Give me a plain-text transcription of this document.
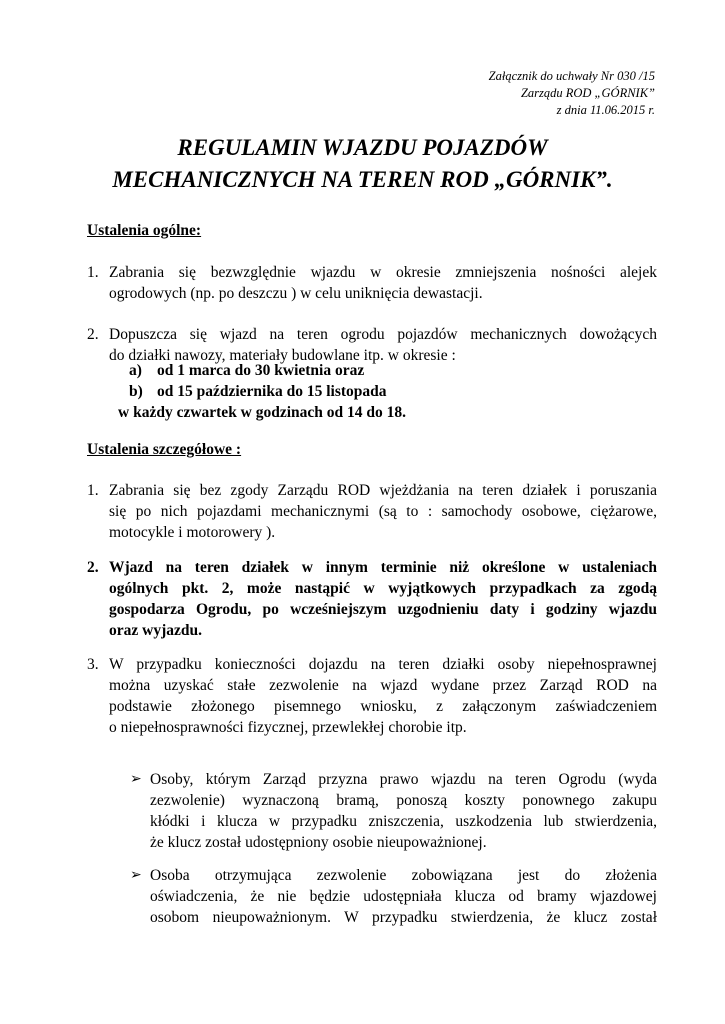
Załącznik do uchwały Nr 030 /15
Zarządu ROD „GÓRNIK”
z dnia 11.06.2015 r.
REGULAMIN WJAZDU POJAZDÓW
MECHANICZNYCH NA TEREN ROD „GÓRNIK”.
Ustalenia ogólne:
1. Zabrania się bezwzględnie wjazdu w okresie zmniejszenia nośności alejek
ogrodowych (np. po deszczu ) w celu uniknięcia dewastacji.
2. Dopuszcza się wjazd na teren ogrodu pojazdów mechanicznych dowożących
do działki nawozy, materiały budowlane itp. w okresie :
a) od 1 marca do 30 kwietnia oraz
b) od 15 października do 15 listopada
w każdy czwartek w godzinach od 14 do 18.
Ustalenia szczegółowe :
1. Zabrania się bez zgody Zarządu ROD wjeżdżania na teren działek i poruszania
się po nich pojazdami mechanicznymi (są to : samochody osobowe, ciężarowe,
motocykle i motorowery ).
2. Wjazd na teren działek w innym terminie niż określone w ustaleniach
ogólnych pkt. 2, może nastąpić w wyjątkowych przypadkach za zgodą
gospodarza Ogrodu, po wcześniejszym uzgodnieniu daty i godziny wjazdu
oraz wyjazdu.
3. W przypadku konieczności dojazdu na teren działki osoby niepełnosprawnej
można uzyskać stałe zezwolenie na wjazd wydane przez Zarząd ROD na
podstawie złożonego pisemnego wniosku, z załączonym zaświadczeniem
o niepełnosprawności fizycznej, przewlekłej chorobie itp.
➢ Osoby, którym Zarząd przyzna prawo wjazdu na teren Ogrodu (wyda
zezwolenie) wyznaczoną bramą, ponoszą koszty ponownego zakupu
kłódki i klucza w przypadku zniszczenia, uszkodzenia lub stwierdzenia,
że klucz został udostępniony osobie nieupoważnionej.
➢ Osoba otrzymująca zezwolenie zobowiązana jest do złożenia
oświadczenia, że nie będzie udostępniała klucza od bramy wjazdowej
osobom nieupoważnionym. W przypadku stwierdzenia, że klucz został
